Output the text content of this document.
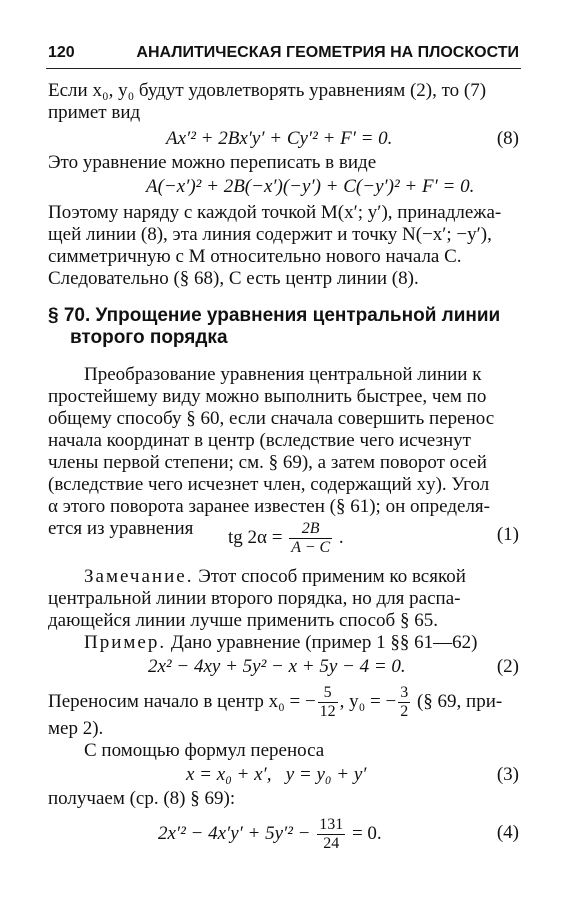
120	АНАЛИТИЧЕСКАЯ ГЕОМЕТРИЯ НА ПЛОСКОСТИ
Если x₀, y₀ будут удовлетворять уравнениям (2), то (7)
примет вид
Ax′² + 2Bx′y′ + Cy′² + F′ = 0.	(8)
Это уравнение можно переписать в виде
A(−x′)² + 2B(−x′)(−y′) + C(−y′)² + F′ = 0.
Поэтому наряду с каждой точкой M(x′; y′), принадлежа-
щей линии (8), эта линия содержит и точку N(−x′; −y′),
симметричную с M относительно нового начала C.
Следовательно (§ 68), C есть центр линии (8).
§ 70. Упрощение уравнения центральной линии
второго порядка
Преобразование уравнения центральной линии к
простейшему виду можно выполнить быстрее, чем по
общему способу § 60, если сначала совершить перенос
начала координат в центр (вследствие чего исчезнут
члены первой степени; см. § 69), а затем поворот осей
(вследствие чего исчезнет член, содержащий xy). Угол
α этого поворота заранее известен (§ 61); он определя-
ется из уравнения	tg $2\alpha = \frac{2B}{A - C}$ .	(1)
Замечание. Этот способ применим ко всякой
центральной линии второго порядка, но для распа-
дающейся линии лучше применить способ § 65.
Пример. Дано уравнение (пример 1 §§ 61—62)
2x² − 4xy + 5y² − x + 5y − 4 = 0.	(2)
Переносим начало в центр x₀ = − $\frac{5}{12}$ , y₀ = − $\frac{3}{2}$ (§ 69, при-
мер 2).
С помощью формул переноса
x = x₀ + x′,   y = y₀ + y′	(3)
получаем (ср. (8) § 69):
$2x'^2 - 4x'y' + 5y'^2 - \frac{131}{24} = 0$.	(4)
